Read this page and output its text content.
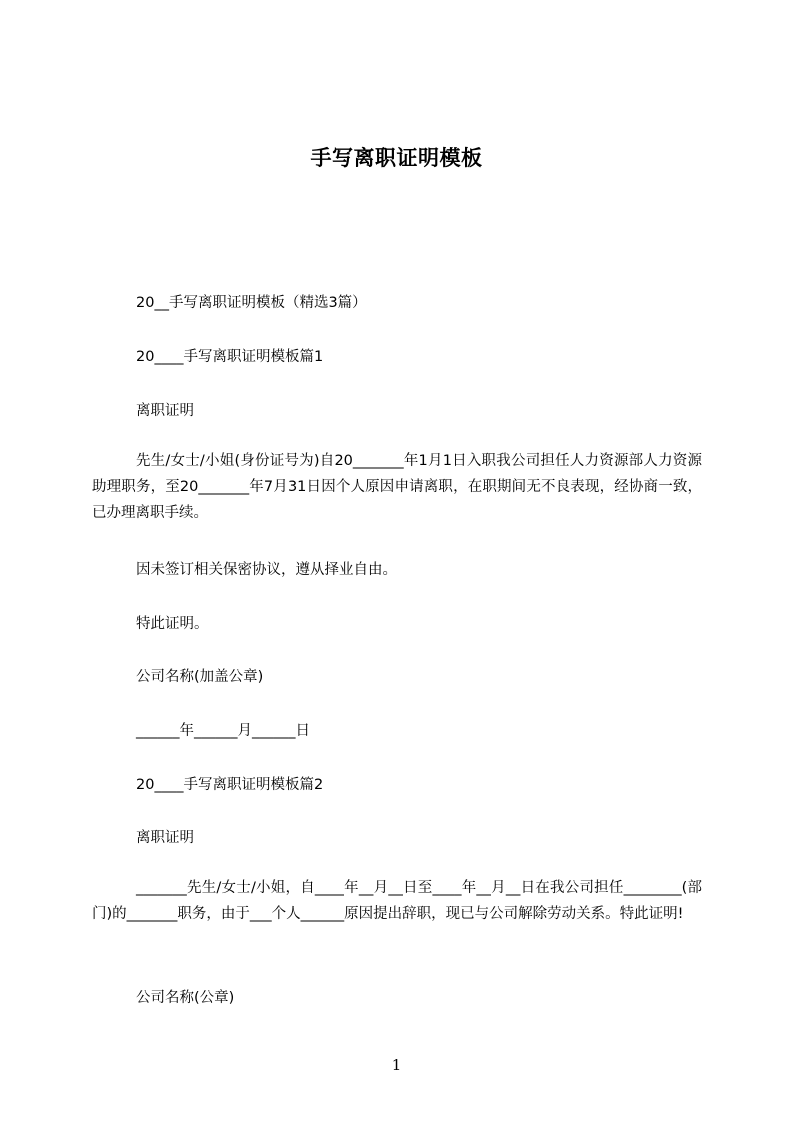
手写离职证明模板
20__手写离职证明模板（精选3篇）
20____手写离职证明模板篇1
离职证明
先生/女士/小姐(身份证号为)自20_______年1月1日入职我公司担任人力资源部人力资源助理职务，至20_______年7月31日因个人原因申请离职，在职期间无不良表现，经协商一致，已办理离职手续。
因未签订相关保密协议，遵从择业自由。
特此证明。
公司名称(加盖公章)
______年______月______日
20____手写离职证明模板篇2
离职证明
_______先生/女士/小姐，自____年__月__日至____年__月__日在我公司担任________(部门)的_______职务，由于___个人______原因提出辞职，现已与公司解除劳动关系。特此证明!
公司名称(公章)
1
